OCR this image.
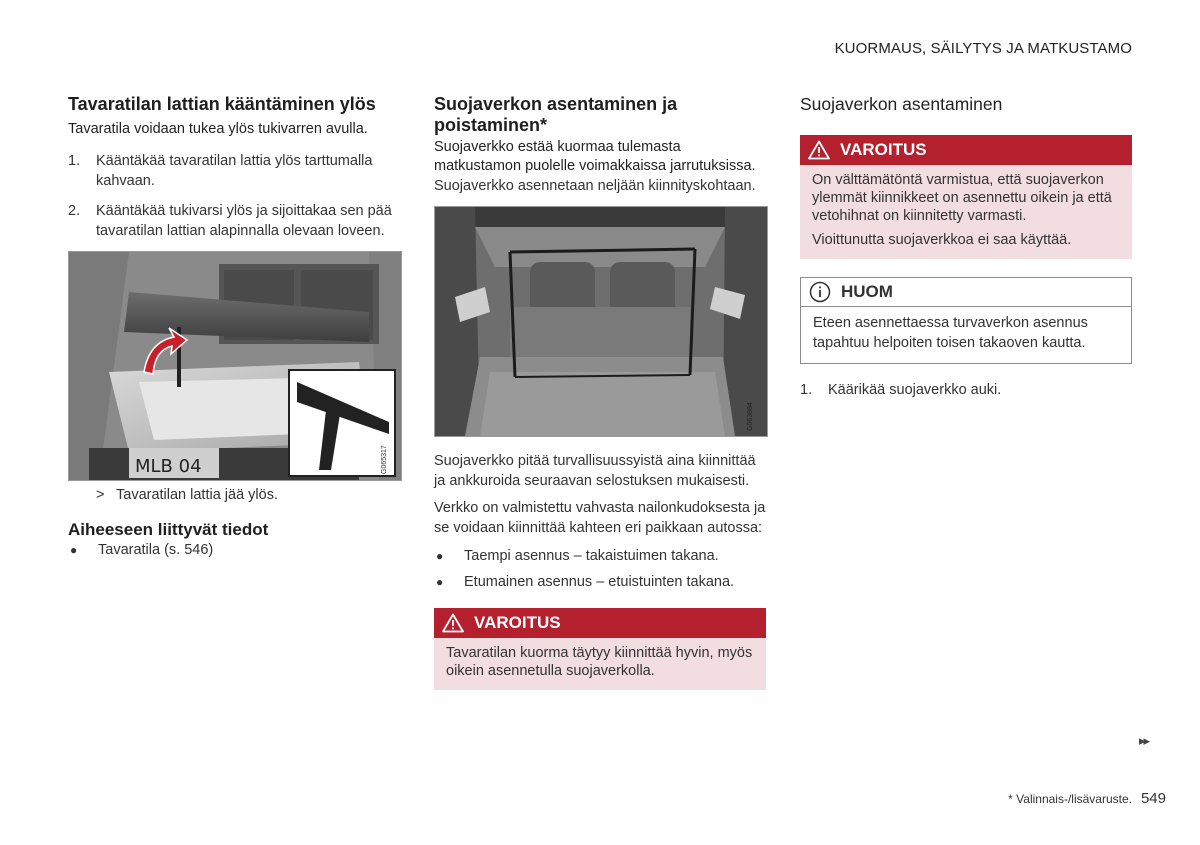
KUORMAUS, SÄILYTYS JA MATKUSTAMO
Tavaratilan lattian kääntäminen ylös

Tavaratila voidaan tukea ylös tukivarren avulla.

1.	Kääntäkää tavaratilan lattia ylös tarttumalla kahvaan.
2.	Kääntäkää tukivarsi ylös ja sijoittakaa sen pää tavaratilan lattian alapinnalla olevaan loveen.
MLB 04	G065317
> Tavaratilan lattia jää ylös.
Aiheeseen liittyvät tiedot
●	Tavaratila (s. 546)
Suojaverkon asentaminen ja poistaminen*

Suojaverkko estää kuormaa tulemasta matkustamon puolelle voimakkaissa jarrutuksissa.

Suojaverkko asennetaan neljään kiinnityskohtaan.

G063884

Suojaverkko pitää turvallisuussyistä aina kiinnittää ja ankkuroida seuraavan selostuksen mukaisesti.

Verkko on valmistettu vahvasta nailonkudoksesta ja se voidaan kiinnittää kahteen eri paikkaan autossa:

●	Taempi asennus – takaistuimen takana.
●	Etumainen asennus – etuistuinten takana.
VAROITUS
Tavaratilan kuorma täytyy kiinnittää hyvin, myös oikein asennetulla suojaverkolla.
Suojaverkon asentaminen
VAROITUS
On välttämätöntä varmistua, että suojaverkon ylemmät kiinnikkeet on asennettu oikein ja että vetohihnat on kiinnitetty varmasti.
Vioittunutta suojaverkkoa ei saa käyttää.
HUOM
Eteen asennettaessa turvaverkon asennus tapahtuu helpoiten toisen takaoven kautta.
1.	Käärikää suojaverkko auki.
▸▸
* Valinnais-/lisävaruste. 549
